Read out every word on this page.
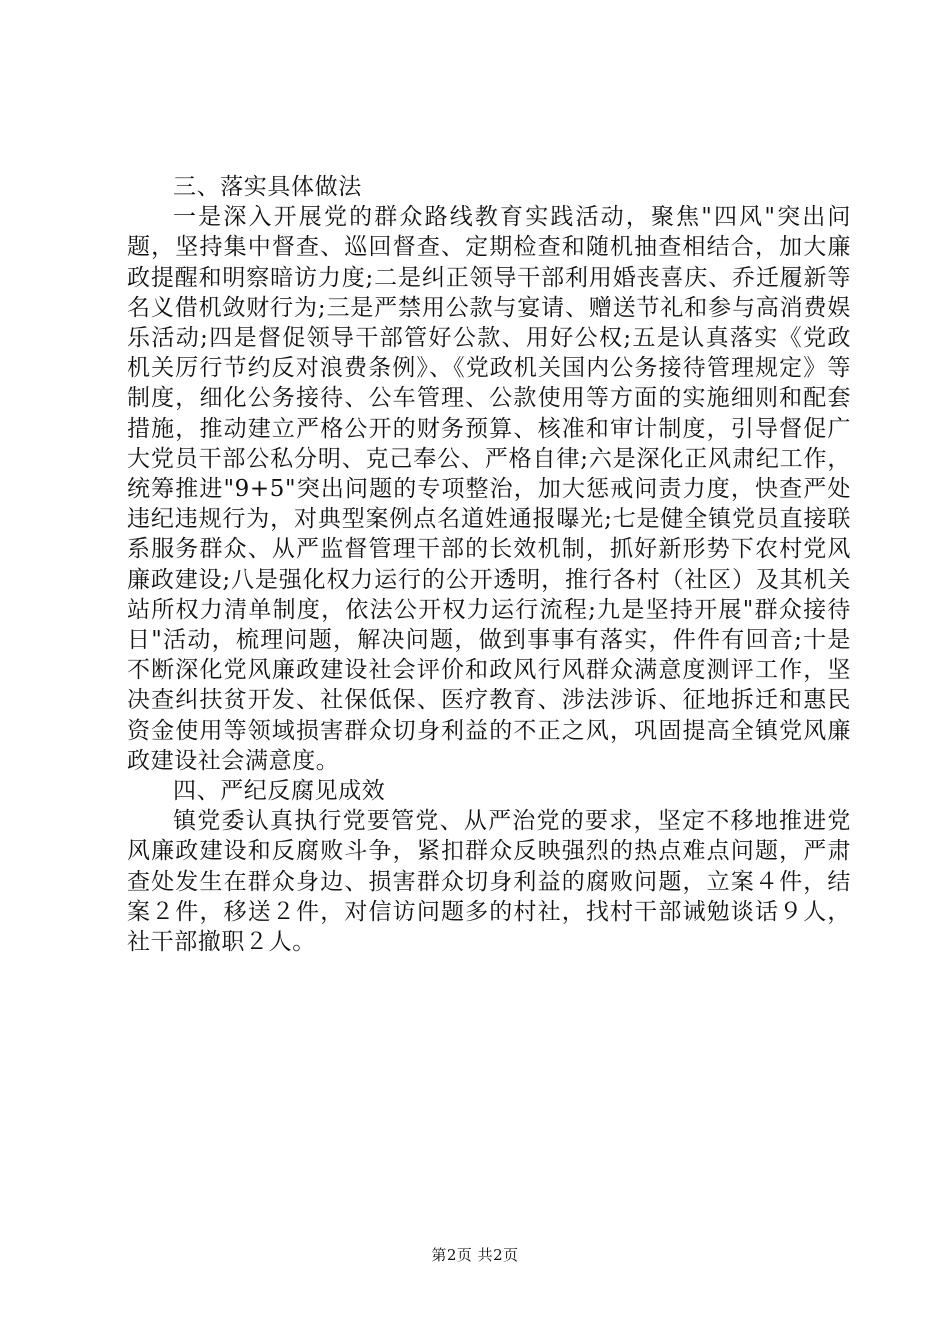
三、落实具体做法

一是深入开展党的群众路线教育实践活动，聚焦"四风"突出问题，坚持集中督查、巡回督查、定期检查和随机抽查相结合，加大廉政提醒和明察暗访力度;二是纠正领导干部利用婚丧喜庆、乔迁履新等名义借机敛财行为;三是严禁用公款与宴请、赠送节礼和参与高消费娱乐活动;四是督促领导干部管好公款、用好公权;五是认真落实《党政机关厉行节约反对浪费条例》、《党政机关国内公务接待管理规定》等制度，细化公务接待、公车管理、公款使用等方面的实施细则和配套措施，推动建立严格公开的财务预算、核准和审计制度，引导督促广大党员干部公私分明、克己奉公、严格自律;六是深化正风肃纪工作，统筹推进"9+5"突出问题的专项整治，加大惩戒问责力度，快查严处违纪违规行为，对典型案例点名道姓通报曝光;七是健全镇党员直接联系服务群众、从严监督管理干部的长效机制，抓好新形势下农村党风廉政建设;八是强化权力运行的公开透明，推行各村（社区）及其机关站所权力清单制度，依法公开权力运行流程;九是坚持开展"群众接待日"活动，梳理问题，解决问题，做到事事有落实，件件有回音;十是不断深化党风廉政建设社会评价和政风行风群众满意度测评工作，坚决查纠扶贫开发、社保低保、医疗教育、涉法涉诉、征地拆迁和惠民资金使用等领域损害群众切身利益的不正之风，巩固提高全镇党风廉政建设社会满意度。

四、严纪反腐见成效

镇党委认真执行党要管党、从严治党的要求，坚定不移地推进党风廉政建设和反腐败斗争，紧扣群众反映强烈的热点难点问题，严肃查处发生在群众身边、损害群众切身利益的腐败问题，立案４件，结案２件，移送２件，对信访问题多的村社，找村干部诫勉谈话９人，社干部撤职２人。

第2页 共2页
